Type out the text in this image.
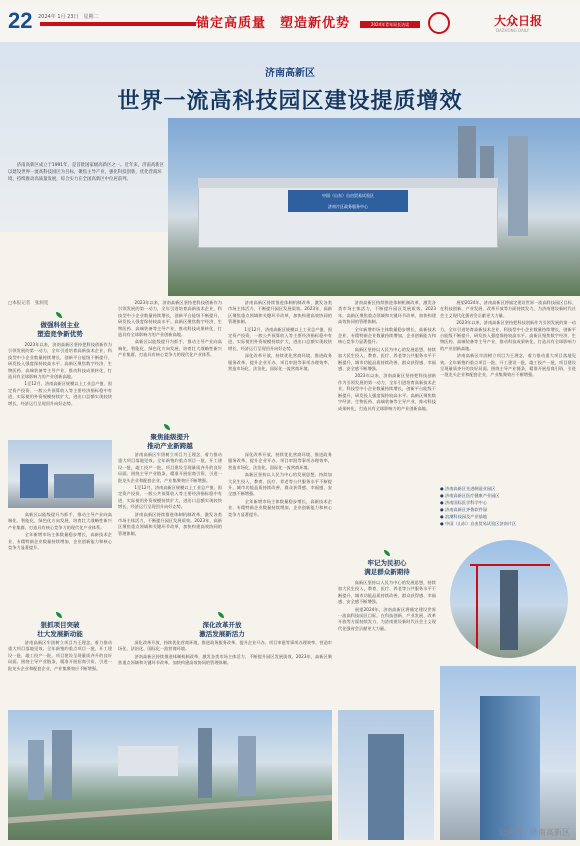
22 2024年 1月 23日　星期二	锚定高质量　塑造新优势	2024年青年局长访谈	大众日报
DAZHONG DAILY
济南高新区
世界一流高科技园区建设提质增效
　　济南高新区成立于1991年，是首批国家级高新区之一。近年来，济南高新区以建设世界一流高科技园区为目标，聚焦主导产业，强化科技创新，优化营商环境，持续推动高质量发展，综合实力在全国高新区中位居前列。
中国（山东）自由贸易试验区
济南片区政务服务中心
□本报记者　张洞宽
做强科创主业
塑造竞争新优势

　　2023年以来，济南高新区坚持把科技创新作为引领发展的第一动力，全年引进培育高新技术企业，科技型中小企业数量持续增长，创新平台能级不断提升，研发投入强度保持较高水平。高新区聚焦数字经济、生物医药、高端装备等主导产业，推动科技成果转化，打造具有全球影响力的产业创新高地。

　　1至12月，济南高新区规模以上工业总产值、固定资产投资、一般公共预算收入等主要经济指标稳中有进，实际使用外资规模持续扩大，进出口总额实现较快增长，经济运行呈现回升向好态势。

　　高新区以能级提升为抓手，推动主导产业向高端化、智能化、绿色化方向发展，培育壮大战略性新兴产业集群，打造具有核心竞争力的现代化产业体系。

　　全年新增市场主体数量稳步增长，高新技术企业、专精特新企业数量持续增加，企业创新能力和核心竞争力显著提升。

狠抓项目突破
壮大发展新动能

　　济南高新区牢固树立项目为王理念，着力推动重大项目落地见效。全年新签约重点项目一批，开工建设一批，竣工投产一批，项目建设呈现量质齐升的良好局面。围绕主导产业链条，精准开展招商引资，引进一批龙头企业和配套企业，产业集聚效应不断增强。

　　2023年以来，济南高新区坚持把科技创新作为引领发展的第一动力，全年引进培育高新技术企业，科技型中小企业数量持续增长，创新平台能级不断提升，研发投入强度保持较高水平。高新区聚焦数字经济、生物医药、高端装备等主导产业，推动科技成果转化，打造具有全球影响力的产业创新高地。

　　高新区以能级提升为抓手，推动主导产业向高端化、智能化、绿色化方向发展，培育壮大战略性新兴产业集群，打造具有核心竞争力的现代化产业体系。

聚焦能级提升
推动产业新跨越

　　济南高新区牢固树立项目为王理念，着力推动重大项目落地见效。全年新签约重点项目一批，开工建设一批，竣工投产一批，项目建设呈现量质齐升的良好局面。围绕主导产业链条，精准开展招商引资，引进一批龙头企业和配套企业，产业集聚效应不断增强。

　　1至12月，济南高新区规模以上工业总产值、固定资产投资、一般公共预算收入等主要经济指标稳中有进，实际使用外资规模持续扩大，进出口总额实现较快增长，经济运行呈现回升向好态势。

　　济南高新区持续推进体制机制改革，激发各类市场主体活力，不断提升园区发展质效。2023年，高新区聚焦重点领域和关键环节改革，加快构建高效协同的管理体制。

　　济南高新区持续推进体制机制改革，激发各类市场主体活力，不断提升园区发展质效。2023年，高新区聚焦重点领域和关键环节改革，加快构建高效协同的管理体制。

　　1至12月，济南高新区规模以上工业总产值、固定资产投资、一般公共预算收入等主要经济指标稳中有进，实际使用外资规模持续扩大，进出口总额实现较快增长，经济运行呈现回升向好态势。

　　深化改革开放，持续优化营商环境，推进政务服务改革，提升企业开办、项目审批等事项办理效率，营造市场化、法治化、国际化一流营商环境。

　　深化改革开放，持续优化营商环境，推进政务服务改革，提升企业开办、项目审批等事项办理效率，营造市场化、法治化、国际化一流营商环境。

　　高新区坚持以人民为中心的发展思想，持续加大民生投入，教育、医疗、养老等公共服务水平不断提升，城市功能品质持续改善，群众获得感、幸福感、安全感不断增强。

　　全年新增市场主体数量稳步增长，高新技术企业、专精特新企业数量持续增加，企业创新能力和核心竞争力显著提升。

深化改革开放
激活发展新活力

　　深化改革开放，持续优化营商环境，推进政务服务改革，提升企业开办、项目审批等事项办理效率，营造市场化、法治化、国际化一流营商环境。

　　济南高新区持续推进体制机制改革，激发各类市场主体活力，不断提升园区发展质效。2023年，高新区聚焦重点领域和关键环节改革，加快构建高效协同的管理体制。

　　济南高新区持续推进体制机制改革，激发各类市场主体活力，不断提升园区发展质效。2023年，高新区聚焦重点领域和关键环节改革，加快构建高效协同的管理体制。

　　全年新增市场主体数量稳步增长，高新技术企业、专精特新企业数量持续增加，企业创新能力和核心竞争力显著提升。

　　高新区坚持以人民为中心的发展思想，持续加大民生投入，教育、医疗、养老等公共服务水平不断提升，城市功能品质持续改善，群众获得感、幸福感、安全感不断增强。

　　2023年以来，济南高新区坚持把科技创新作为引领发展的第一动力，全年引进培育高新技术企业，科技型中小企业数量持续增长，创新平台能级不断提升，研发投入强度保持较高水平。高新区聚焦数字经济、生物医药、高端装备等主导产业，推动科技成果转化，打造具有全球影响力的产业创新高地。

牢记为民初心
满足群众新期待

　　高新区坚持以人民为中心的发展思想，持续加大民生投入，教育、医疗、养老等公共服务水平不断提升，城市功能品质持续改善，群众获得感、幸福感、安全感不断增强。

　　展望2024年，济南高新区将锚定建设世界一流高科技园区目标，在科技创新、产业发展、改革开放等方面持续发力，为济南建设新时代社会主义现代化强省会贡献更大力量。

　　展望2024年，济南高新区将锚定建设世界一流高科技园区目标，在科技创新、产业发展、改革开放等方面持续发力，为济南建设新时代社会主义现代化强省会贡献更大力量。

　　2023年以来，济南高新区坚持把科技创新作为引领发展的第一动力，全年引进培育高新技术企业，科技型中小企业数量持续增长，创新平台能级不断提升，研发投入强度保持较高水平。高新区聚焦数字经济、生物医药、高端装备等主导产业，推动科技成果转化，打造具有全球影响力的产业创新高地。

　　济南高新区牢固树立项目为王理念，着力推动重大项目落地见效。全年新签约重点项目一批，开工建设一批，竣工投产一批，项目建设呈现量质齐升的良好局面。围绕主导产业链条，精准开展招商引资，引进一批龙头企业和配套企业，产业集聚效应不断增强。

● 济南高新区先进制造业园区
● 济南高新区医疗健康产业园区
● 济南国际医学科学中心
● 济南高新区齐鲁软件园
● 浪潮科技园及产业基地
● 中国（山东）自由贸易试验区济南片区
公众号 · 济南高新区
